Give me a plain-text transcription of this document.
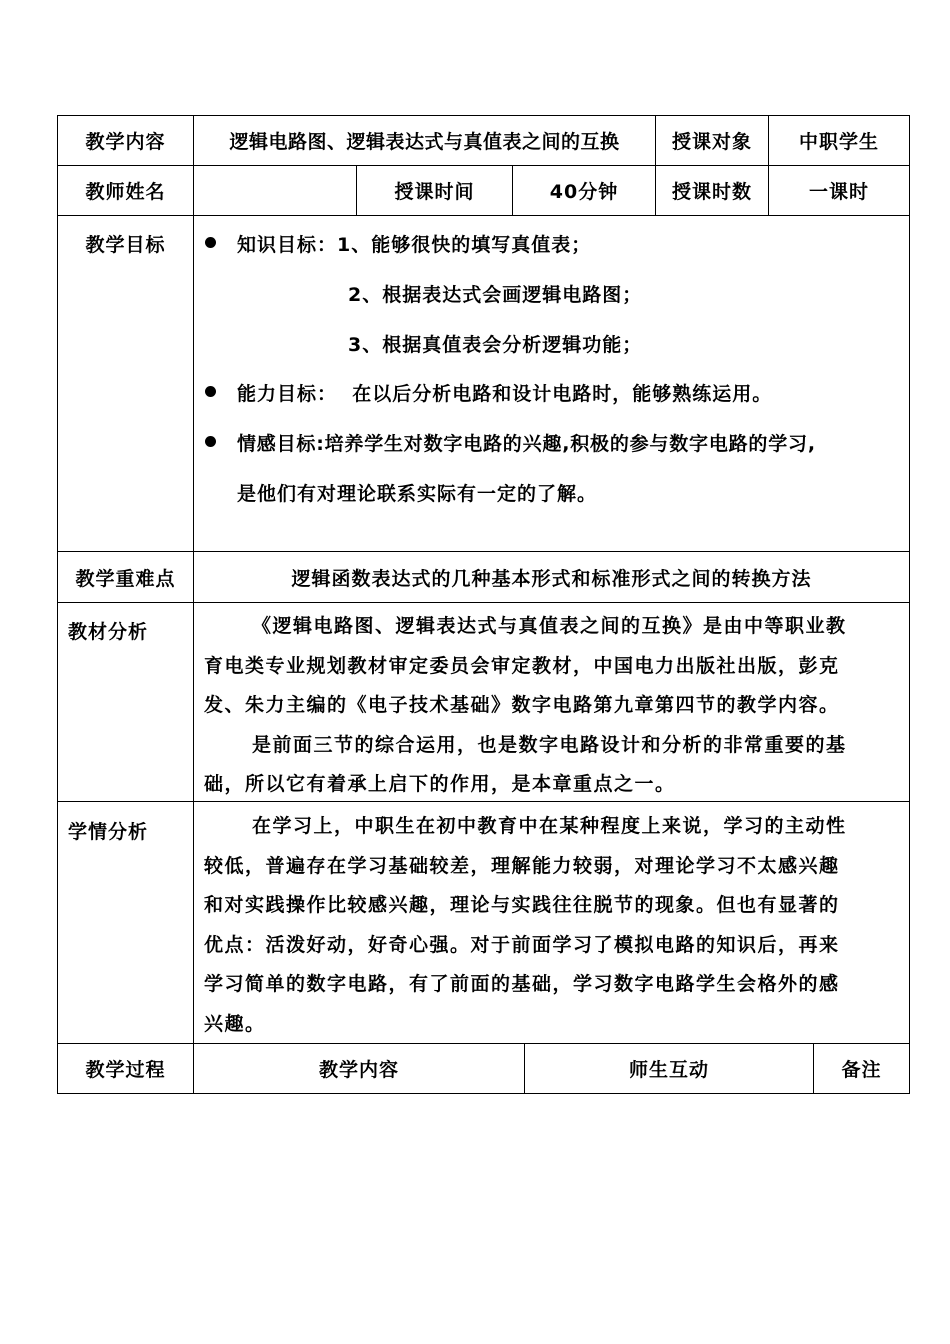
教学内容	逻辑电路图、逻辑表达式与真值表之间的互换	授课对象	中职学生
教师姓名	授课时间	40分钟	授课时数	一课时
教学目标	知识目标：1、能够很快的填写真值表；
2、根据表达式会画逻辑电路图；
3、根据真值表会分析逻辑功能；
能力目标：  在以后分析电路和设计电路时，能够熟练运用。
情感目标:培养学生对数字电路的兴趣,积极的参与数字电路的学习,
是他们有对理论联系实际有一定的了解。
教学重难点	逻辑函数表达式的几种基本形式和标准形式之间的转换方法
教材分析	《逻辑电路图、逻辑表达式与真值表之间的互换》是由中等职业教
育电类专业规划教材审定委员会审定教材，中国电力出版社出版，彭克
发、朱力主编的《电子技术基础》数字电路第九章第四节的教学内容。
是前面三节的综合运用，也是数字电路设计和分析的非常重要的基
础，所以它有着承上启下的作用，是本章重点之一。
学情分析	在学习上，中职生在初中教育中在某种程度上来说，学习的主动性
较低，普遍存在学习基础较差，理解能力较弱，对理论学习不太感兴趣
和对实践操作比较感兴趣，理论与实践往往脱节的现象。但也有显著的
优点：活泼好动，好奇心强。对于前面学习了模拟电路的知识后，再来
学习简单的数字电路，有了前面的基础，学习数字电路学生会格外的感
兴趣。
教学过程	教学内容	师生互动	备注
